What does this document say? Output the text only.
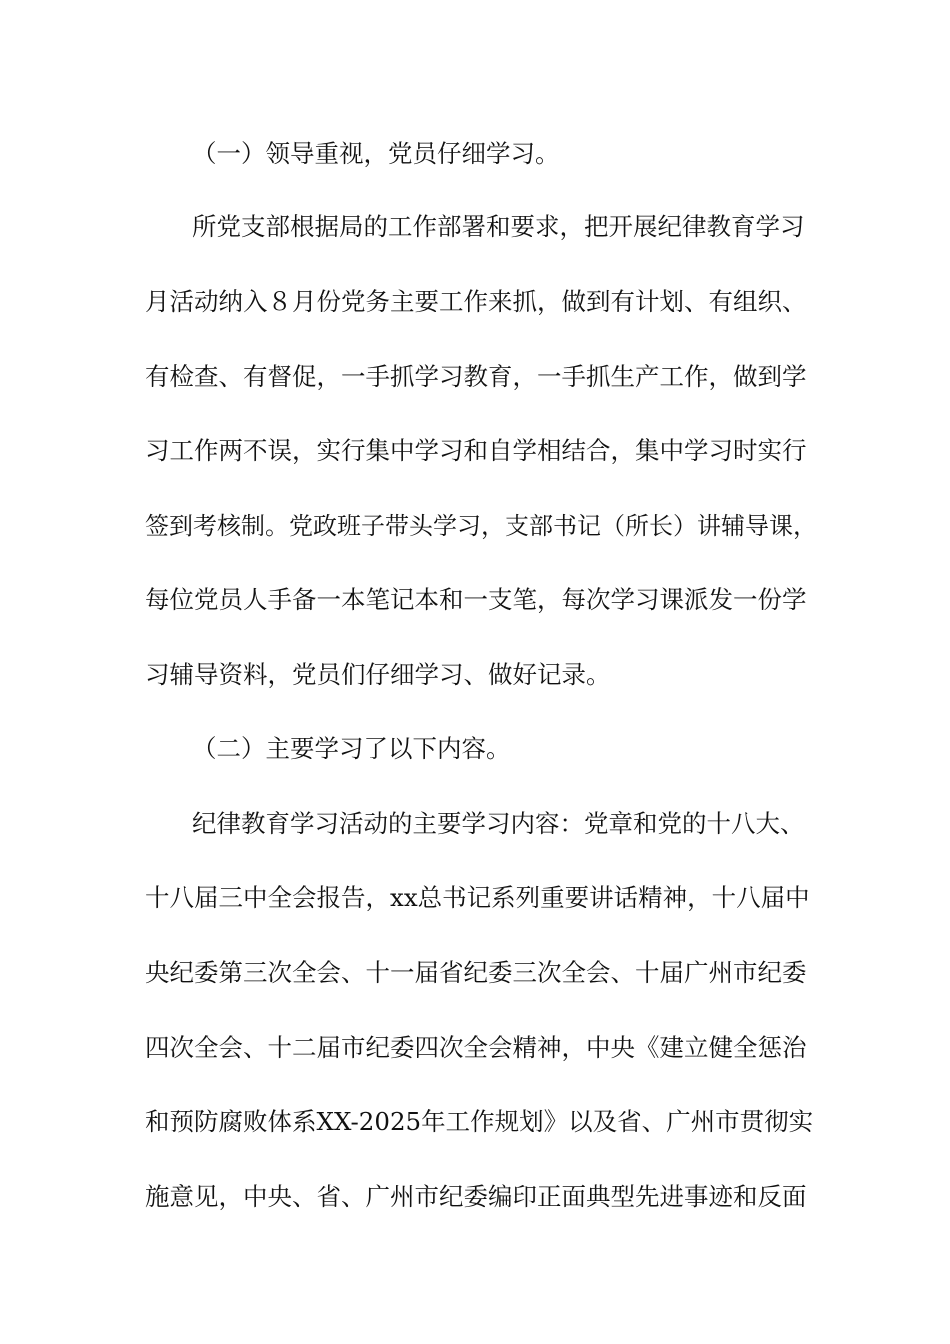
（一）领导重视，党员仔细学习。
所党支部根据局的工作部署和要求，把开展纪律教育学习
月活动纳入８月份党务主要工作来抓，做到有计划、有组织、
有检查、有督促，一手抓学习教育，一手抓生产工作，做到学
习工作两不误，实行集中学习和自学相结合，集中学习时实行
签到考核制。党政班子带头学习，支部书记（所长）讲辅导课，
每位党员人手备一本笔记本和一支笔，每次学习课派发一份学
习辅导资料，党员们仔细学习、做好记录。
（二）主要学习了以下内容。
纪律教育学习活动的主要学习内容：党章和党的十八大、
十八届三中全会报告，xx总书记系列重要讲话精神，十八届中
央纪委第三次全会、十一届省纪委三次全会、十届广州市纪委
四次全会、十二届市纪委四次全会精神，中央《建立健全惩治
和预防腐败体系XX-2025年工作规划》以及省、广州市贯彻实
施意见，中央、省、广州市纪委编印正面典型先进事迹和反面
